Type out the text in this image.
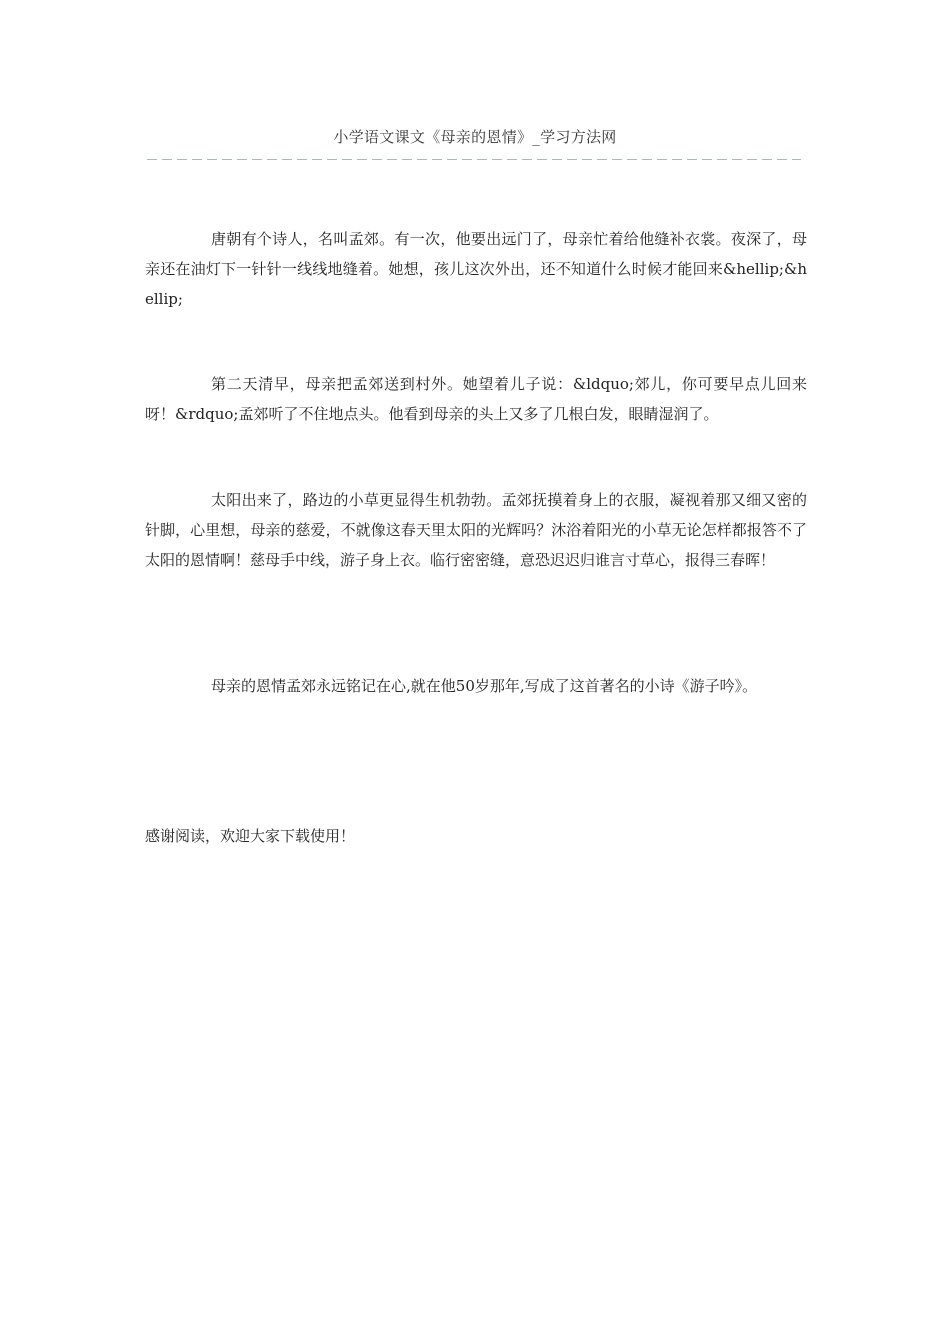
小学语文课文《母亲的恩情》_学习方法网
唐朝有个诗人，名叫孟郊。有一次，他要出远门了，母亲忙着给他缝补衣裳。夜深了，母亲还在油灯下一针针一线线地缝着。她想，孩儿这次外出，还不知道什么时候才能回来&hellip;&hellip;
第二天清早，母亲把孟郊送到村外。她望着儿子说：&ldquo;郊儿，你可要早点儿回来呀！&rdquo;孟郊听了不住地点头。他看到母亲的头上又多了几根白发，眼睛湿润了。
太阳出来了，路边的小草更显得生机勃勃。孟郊抚摸着身上的衣服，凝视着那又细又密的针脚，心里想，母亲的慈爱，不就像这春天里太阳的光辉吗？沐浴着阳光的小草无论怎样都报答不了太阳的恩情啊！慈母手中线，游子身上衣。临行密密缝，意恐迟迟归谁言寸草心，报得三春晖！
母亲的恩情孟郊永远铭记在心,就在他50岁那年,写成了这首著名的小诗《游子吟》。
感谢阅读，欢迎大家下载使用！
